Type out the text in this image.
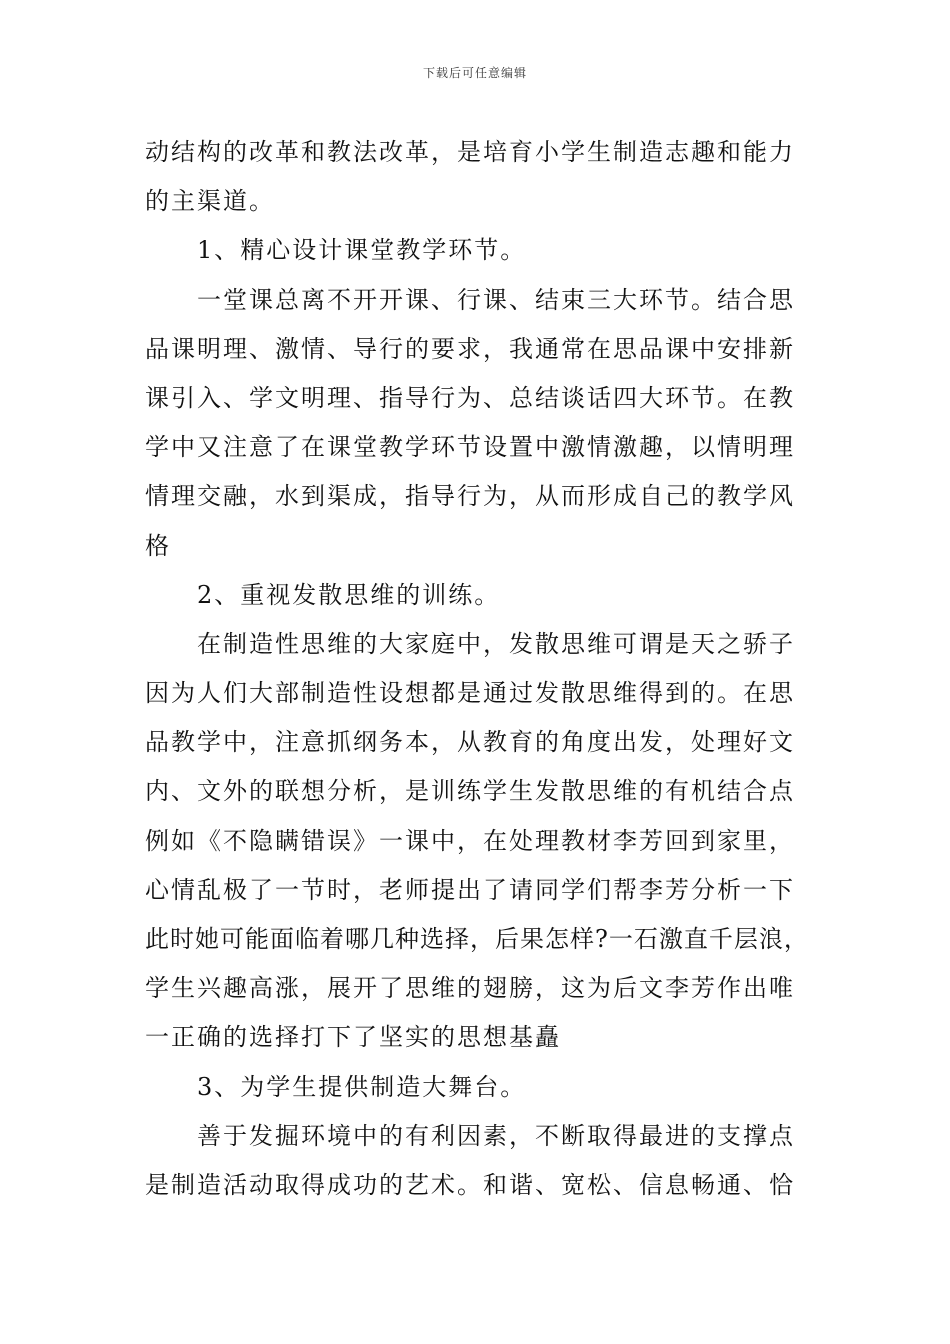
下载后可任意编辑
动结构的改革和教法改革，是培育小学生制造志趣和能力
的主渠道。
1、精心设计课堂教学环节。
一堂课总离不开开课、行课、结束三大环节。结合思
品课明理、激情、导行的要求，我通常在思品课中安排新
课引入、学文明理、指导行为、总结谈话四大环节。在教
学中又注意了在课堂教学环节设置中激情激趣，以情明理
情理交融，水到渠成，指导行为，从而形成自己的教学风
格
2、重视发散思维的训练。
在制造性思维的大家庭中，发散思维可谓是天之骄子
因为人们大部制造性设想都是通过发散思维得到的。在思
品教学中，注意抓纲务本，从教育的角度出发，处理好文
内、文外的联想分析，是训练学生发散思维的有机结合点
例如《不隐瞒错误》一课中，在处理教材李芳回到家里，
心情乱极了一节时，老师提出了请同学们帮李芳分析一下
此时她可能面临着哪几种选择，后果怎样?一石激直千层浪，
学生兴趣高涨，展开了思维的翅膀，这为后文李芳作出唯
一正确的选择打下了坚实的思想基矗
3、为学生提供制造大舞台。
善于发掘环境中的有利因素，不断取得最进的支撑点
是制造活动取得成功的艺术。和谐、宽松、信息畅通、恰
